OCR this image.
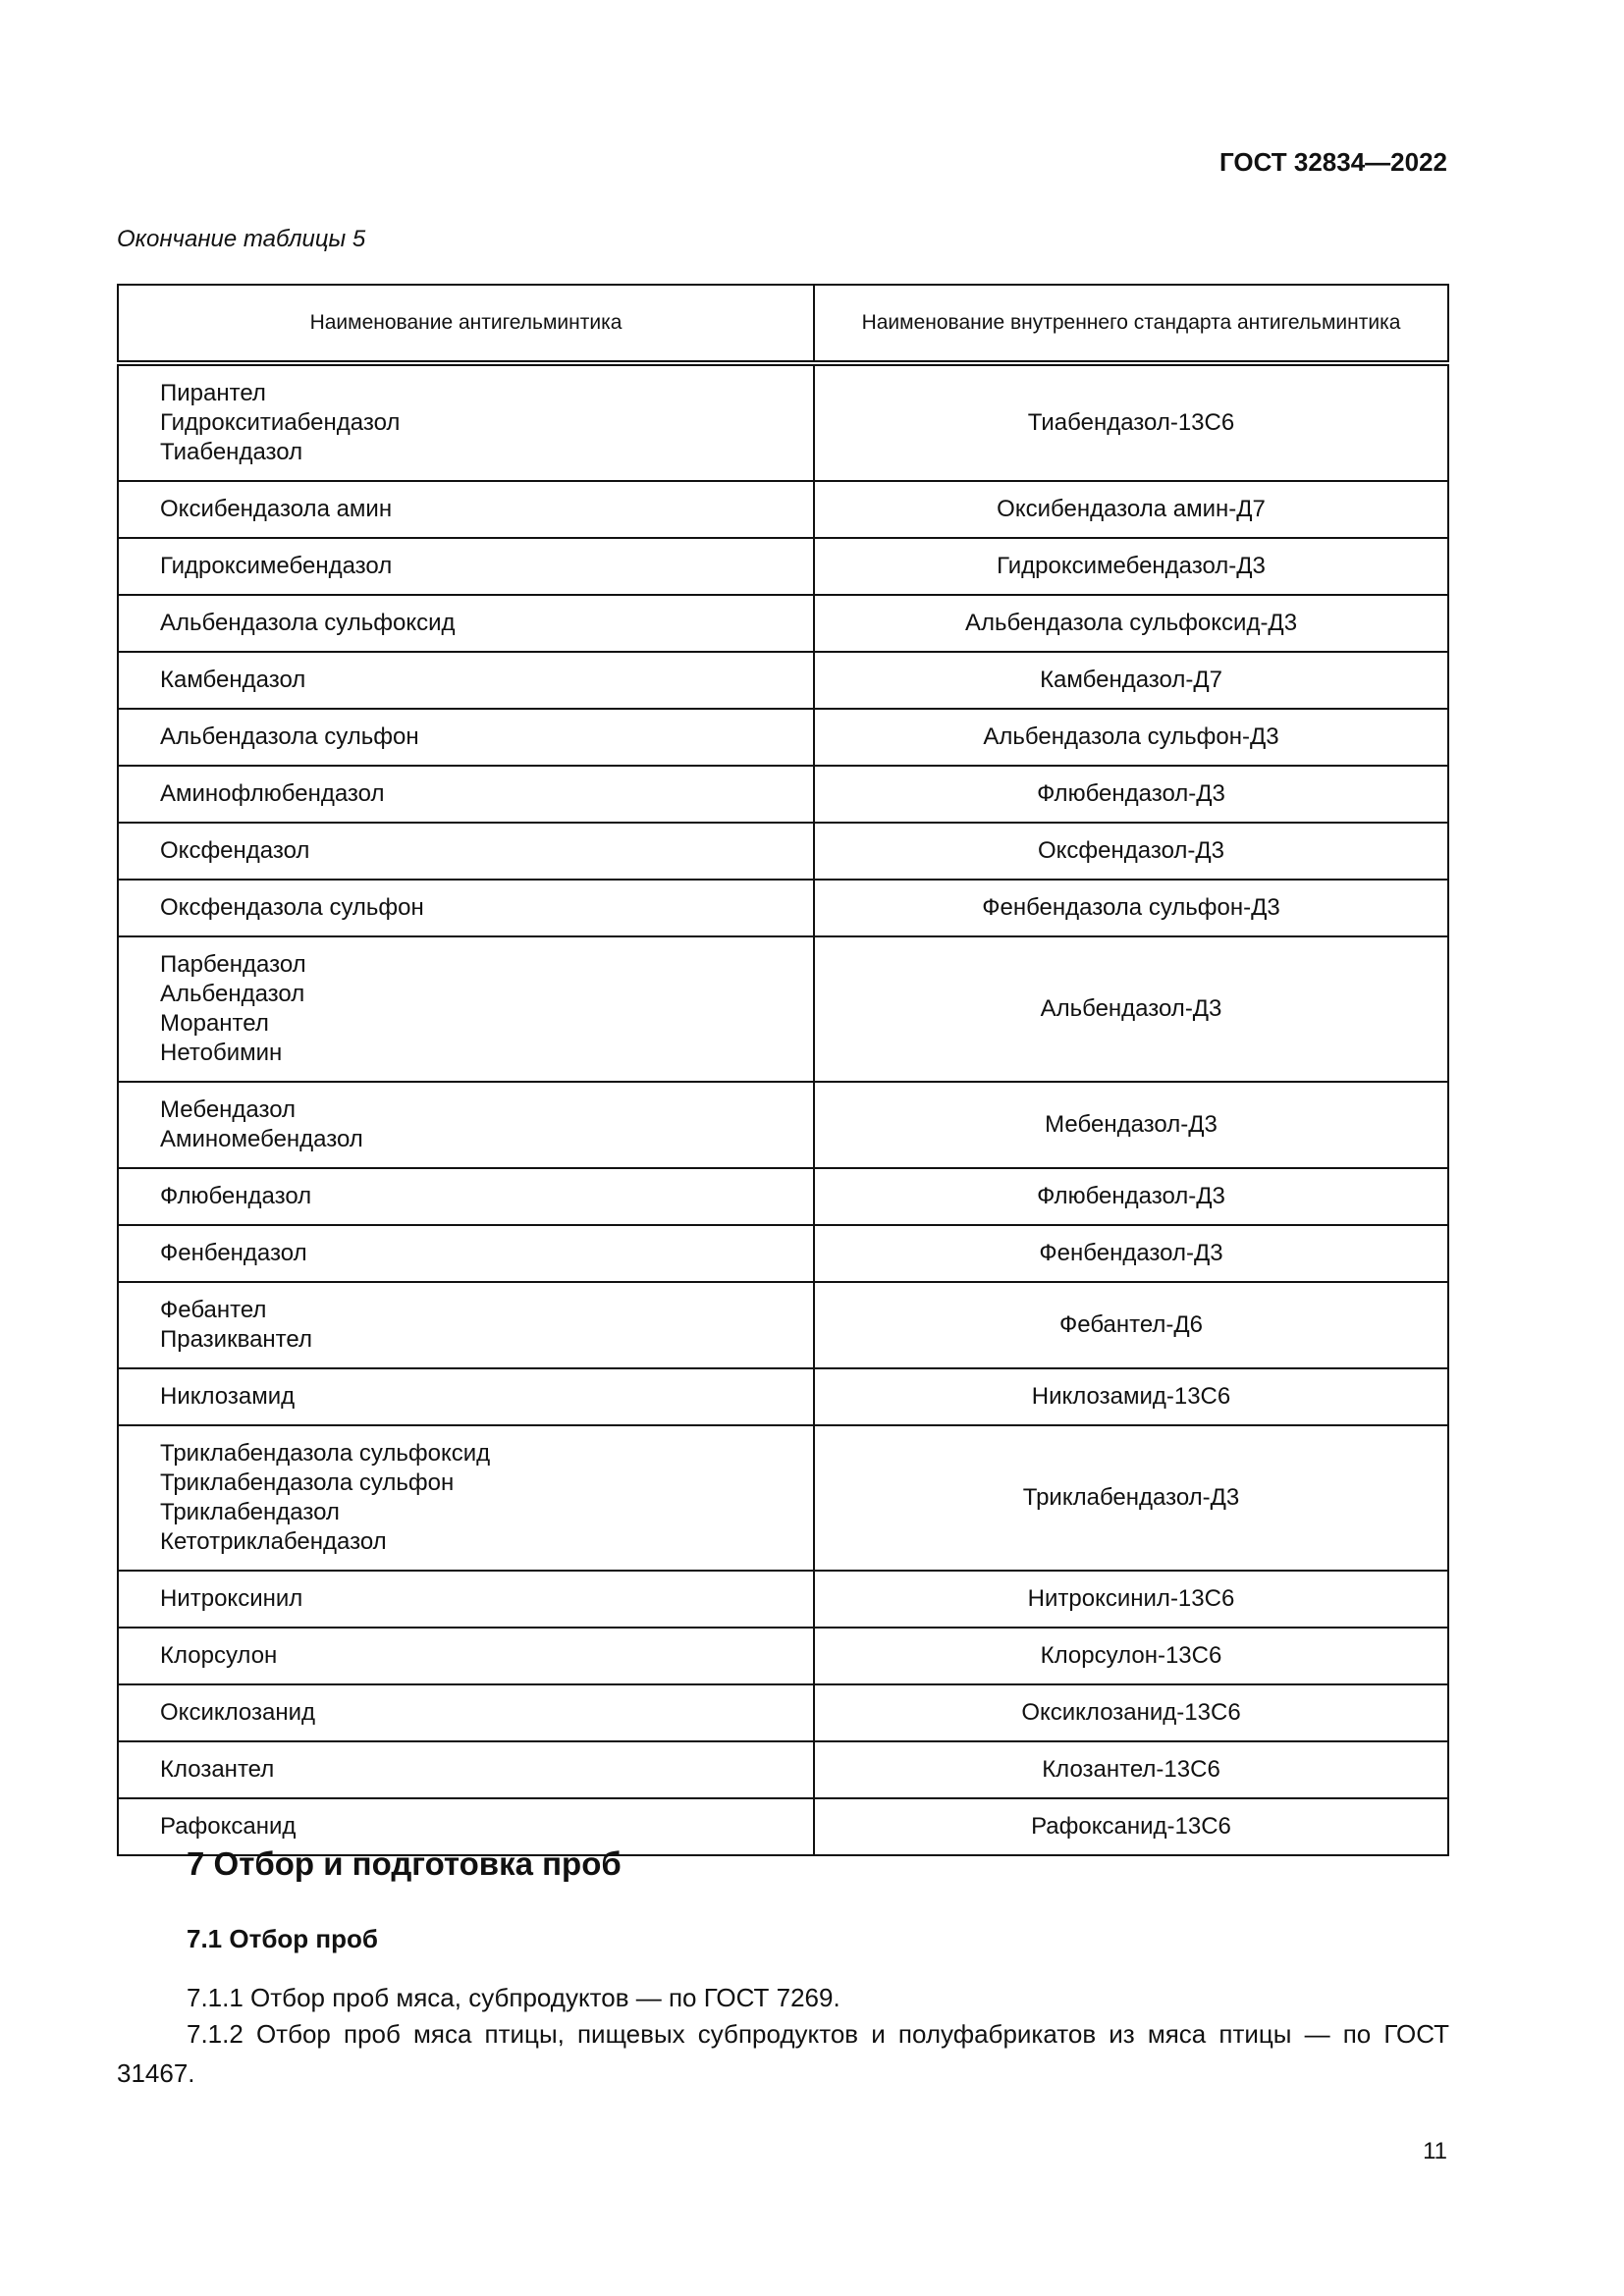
ГОСТ 32834—2022

Окончание таблицы 5

Наименование антигельминтика	Наименование внутреннего стандарта антигельминтика

Пирантел
Гидрокситиабендазол
Тиабендазол	Тиабендазол-13С6

Оксибендазола амин	Оксибендазола амин-Д7

Гидроксимебендазол	Гидроксимебендазол-Д3

Альбендазола сульфоксид	Альбендазола сульфоксид-Д3

Камбендазол	Камбендазол-Д7

Альбендазола сульфон	Альбендазола сульфон-Д3

Аминофлюбендазол	Флюбендазол-Д3

Оксфендазол	Оксфендазол-Д3

Оксфендазола сульфон	Фенбендазола сульфон-Д3

Парбендазол
Альбендазол
Морантел
Нетобимин	Альбендазол-Д3

Мебендазол
Аминомебендазол	Мебендазол-Д3

Флюбендазол	Флюбендазол-Д3

Фенбендазол	Фенбендазол-Д3

Фебантел
Празиквантел	Фебантел-Д6

Никлозамид	Никлозамид-13С6

Триклабендазола сульфоксид
Триклабендазола сульфон
Триклабендазол
Кетотриклабендазол	Триклабендазол-Д3

Нитроксинил	Нитроксинил-13С6

Клорсулон	Клорсулон-13С6

Оксиклозанид	Оксиклозанид-13С6

Клозантел	Клозантел-13С6

Рафоксанид	Рафоксанид-13С6
7 Отбор и подготовка проб
7.1 Отбор проб

7.1.1 Отбор проб мяса, субпродуктов — по ГОСТ 7269.

7.1.2 Отбор проб мяса птицы, пищевых субпродуктов и полуфабрикатов из мяса птицы — по ГОСТ 31467.

11
